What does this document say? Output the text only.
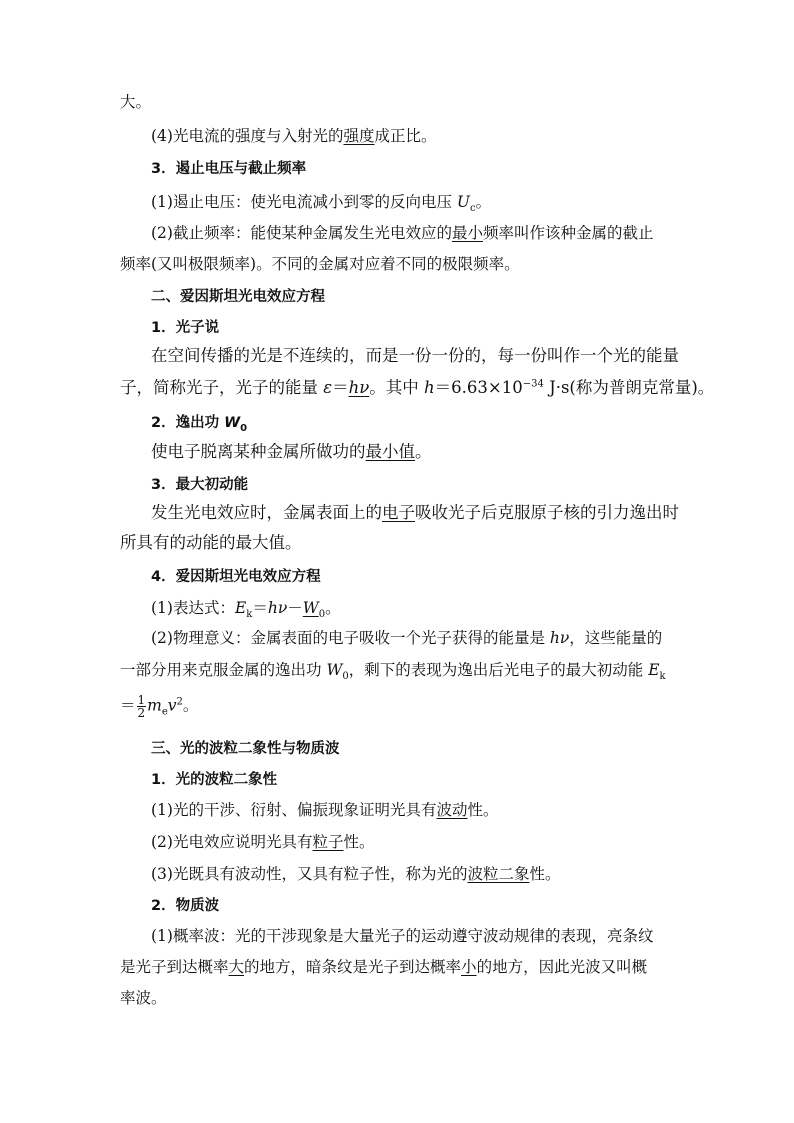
大。
(4)光电流的强度与入射光的强度成正比。
3．遏止电压与截止频率
(1)遏止电压：使光电流减小到零的反向电压 $U_c$。
(2)截止频率：能使某种金属发生光电效应的最小频率叫作该种金属的截止
频率(又叫极限频率)。不同的金属对应着不同的极限频率。
二、爱因斯坦光电效应方程
1．光子说
在空间传播的光是不连续的，而是一份一份的，每一份叫作一个光的能量
子，简称光子，光子的能量 ε＝hν。其中 $h=6.63\times 10^{-34}$ J·s(称为普朗克常量)。
2．逸出功 $W_0$
使电子脱离某种金属所做功的最小值。
3．最大初动能
发生光电效应时，金属表面上的电子吸收光子后克服原子核的引力逸出时
所具有的动能的最大值。
4．爱因斯坦光电效应方程
(1)表达式：$E_k=h\nu-W_0$。
(2)物理意义：金属表面的电子吸收一个光子获得的能量是 hν，这些能量的
一部分用来克服金属的逸出功 $W_0$，剩下的表现为逸出后光电子的最大初动能 $E_k$
＝ $\frac{1}{2} m_ev^2$。
三、光的波粒二象性与物质波
1．光的波粒二象性
(1)光的干涉、衍射、偏振现象证明光具有波动性。
(2)光电效应说明光具有粒子性。
(3)光既具有波动性，又具有粒子性，称为光的波粒二象性。
2．物质波
(1)概率波：光的干涉现象是大量光子的运动遵守波动规律的表现，亮条纹
是光子到达概率大的地方，暗条纹是光子到达概率小的地方，因此光波又叫概
率波。
